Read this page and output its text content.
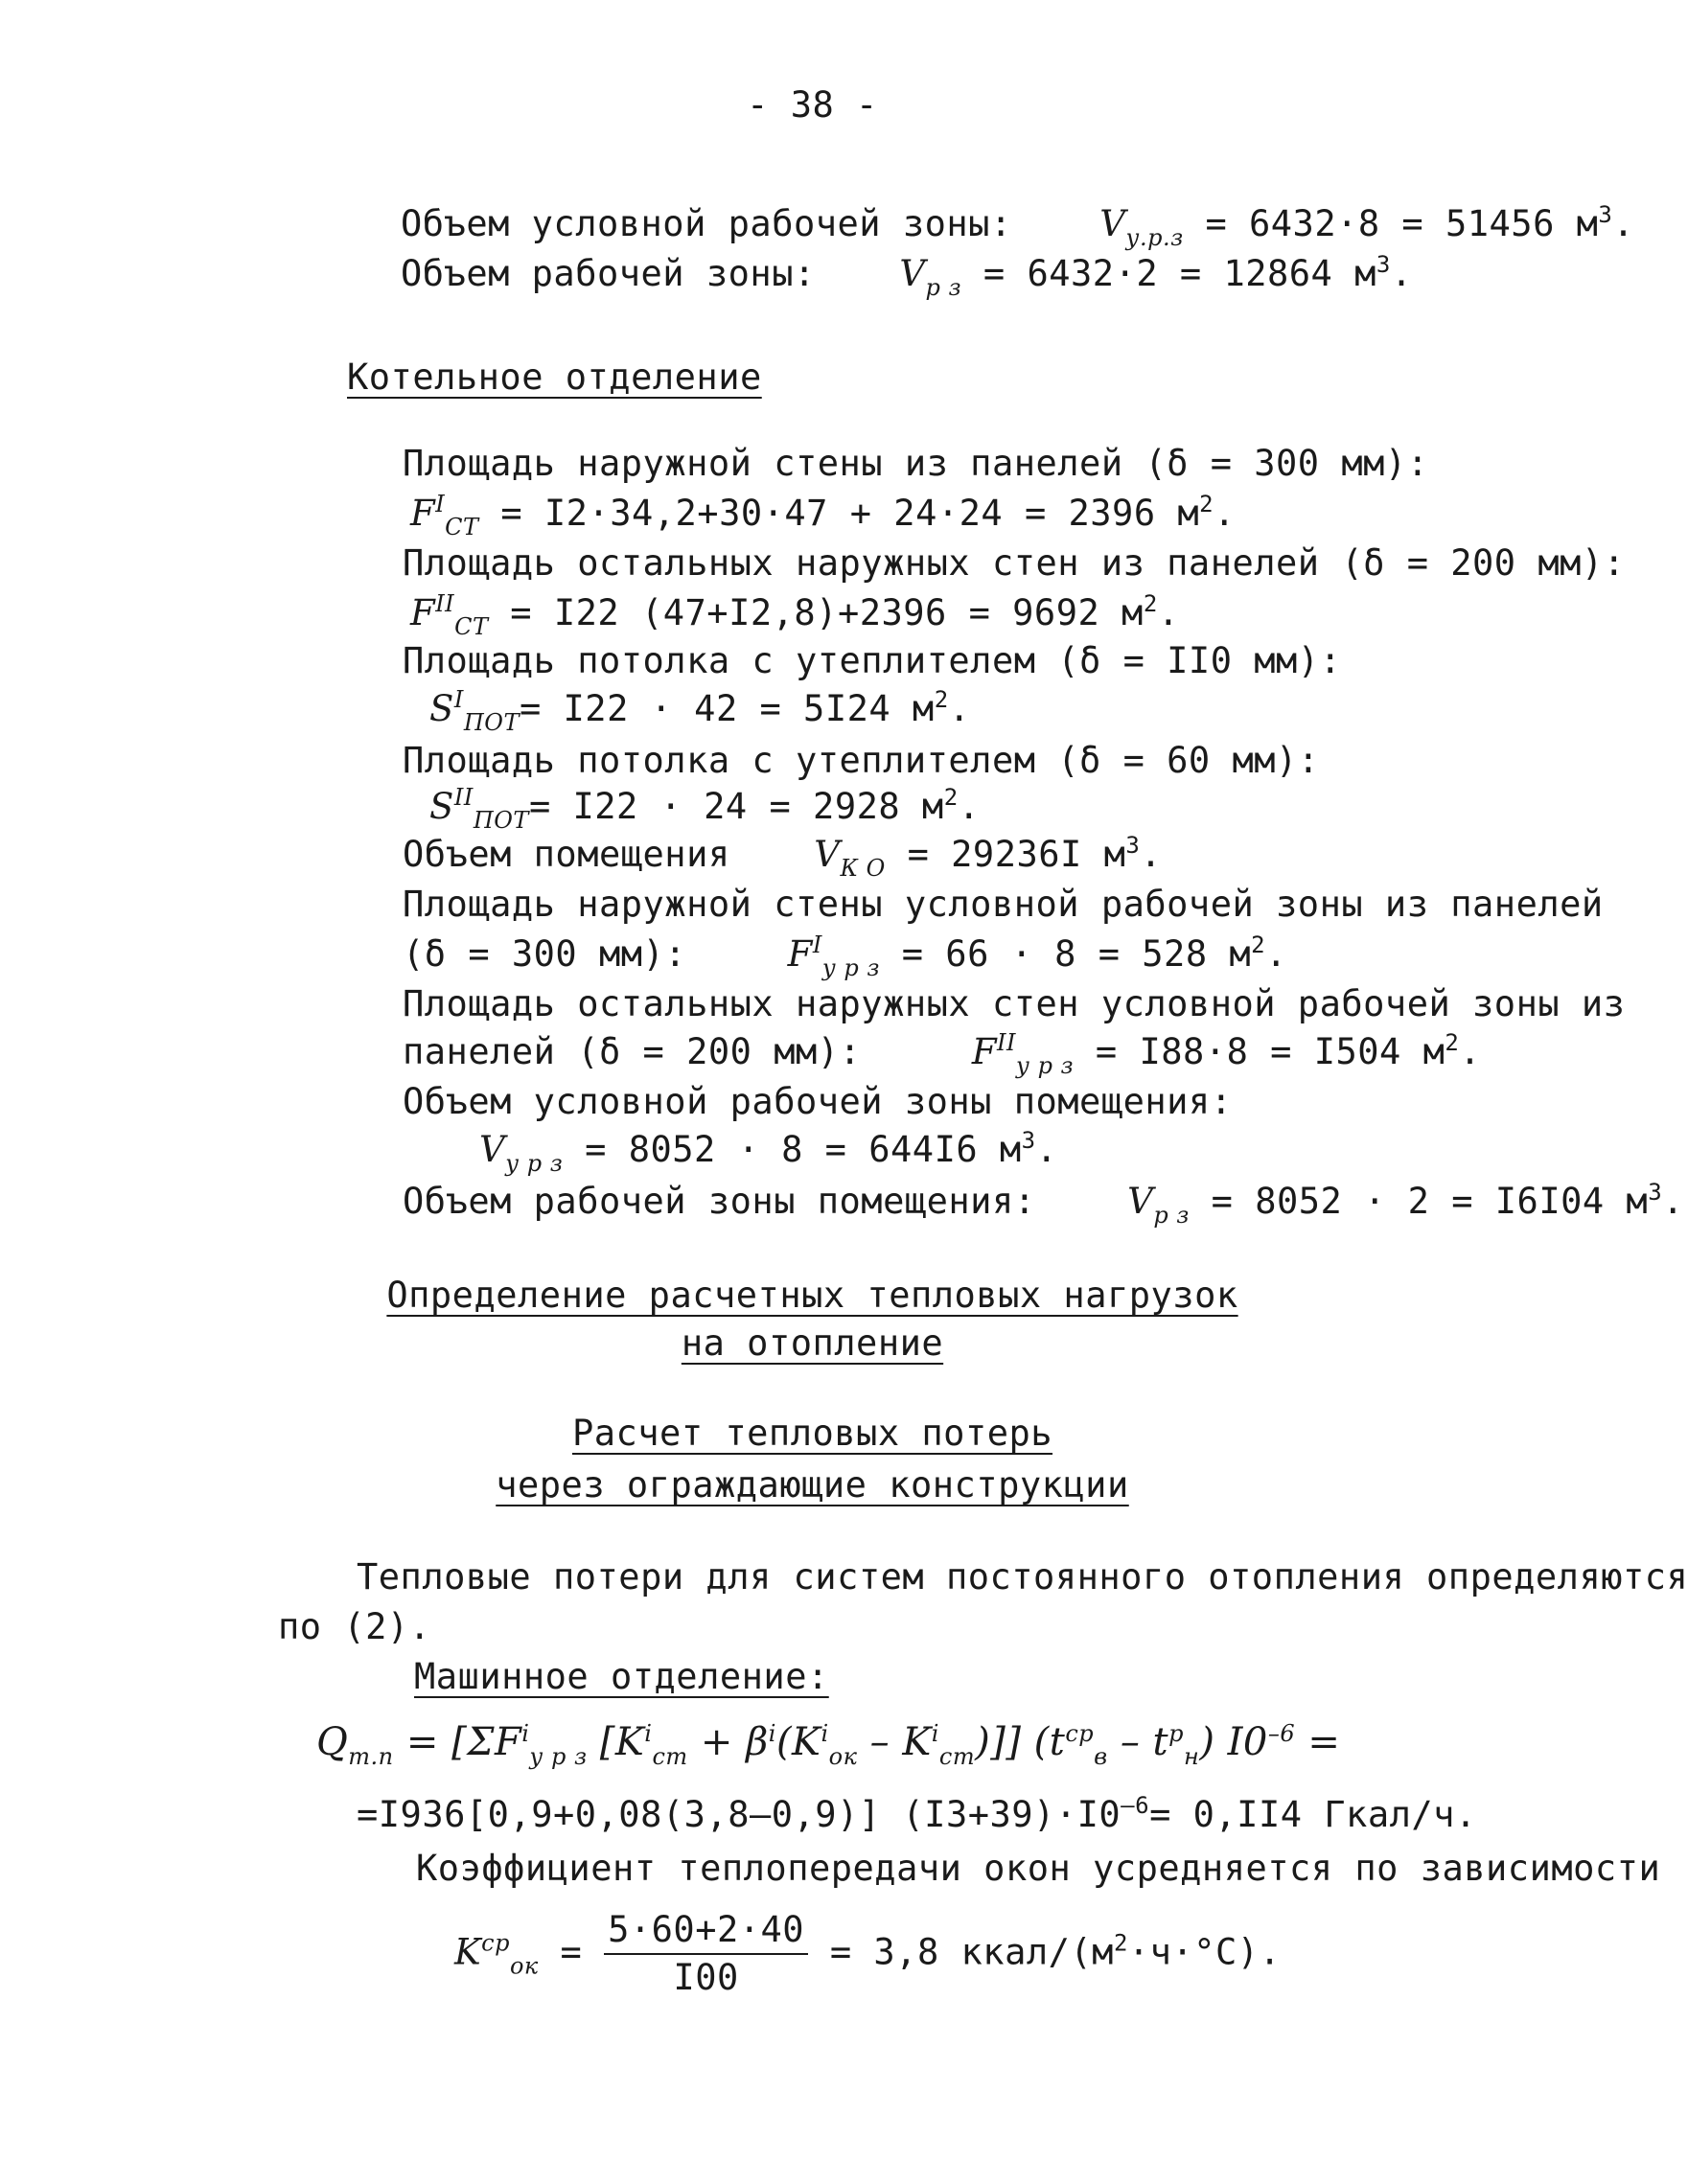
- 38 -
Объем условной рабочей зоны: $V_{у.р.з} = 6432\cdot 8 = 51456$ $м^3$.
Объем рабочей зоны: $V_{р з} = 6432\cdot 2 = 12864$ $м^3$.
Котельное отделение
Площадь наружной стены из панелей (δ = 300 мм):
$F^I_{СТ} = I2\cdot 34,2+30\cdot 47 + 24\cdot 24 = 2396$ $м^2$.
Площадь остальных наружных стен из панелей (δ = 200 мм):
$F^{II}_{СТ} = I22$ (47+I2,8)+2396 = 9692 $м^2$.
Площадь потолка с утеплителем (δ = II0 мм):
$S^I_{ПОТ}= I22 \cdot 42 = 5I24$ $м^2$.
Площадь потолка с утеплителем (δ = 60 мм):
$S^{II}_{ПОТ}= I22 \cdot 24 = 2928$ $м^2$.
Объем помещения $V_{К О} = 29236I$ $м^3$.
Площадь наружной стены условной рабочей зоны из панелей
(δ = 300 мм):	$F^I_{у р з} = 66 \cdot 8 = 528$ $м^2$.
Площадь остальных наружных стен условной рабочей зоны из
панелей (δ = 200 мм):	$F^{II}_{у р з} = I88\cdot 8 = I504$ $м^2$.
Объем условной рабочей зоны помещения:
$V_{у р з} = 8052 \cdot 8 = 644I6$ $м^3$.
Объем рабочей зоны помещения:	$V_{р з} = 8052 \cdot 2 = I6I04$ $м^3$.
Определение расчетных тепловых нагрузок
на отопление
Расчет тепловых потерь
через ограждающие конструкции
Тепловые потери для систем постоянного отопления определяются
по (2).
Машинное отделение:
$Q_{т.п} = [\Sigma F^i_{у р з}$ $[K^i_{ст} + \beta^i(K^i_{ок} - K^i_{ст})]$] $(t^{ср}_в - t^р_н) I0^{-6}$ =
=I936[0,9+0,08(3,8–0,9)] $(I3+39)\cdot I0^{-6}= 0,II4$ Гкал/ч.
Коэффициент теплопередачи окон усредняется по зависимости
$K^{ср}_{ок} = \frac{5\cdot 60+2\cdot 40}{I00} = 3,8$ ккал/$(м^2\cdot ч\cdot^\circ С)$.
